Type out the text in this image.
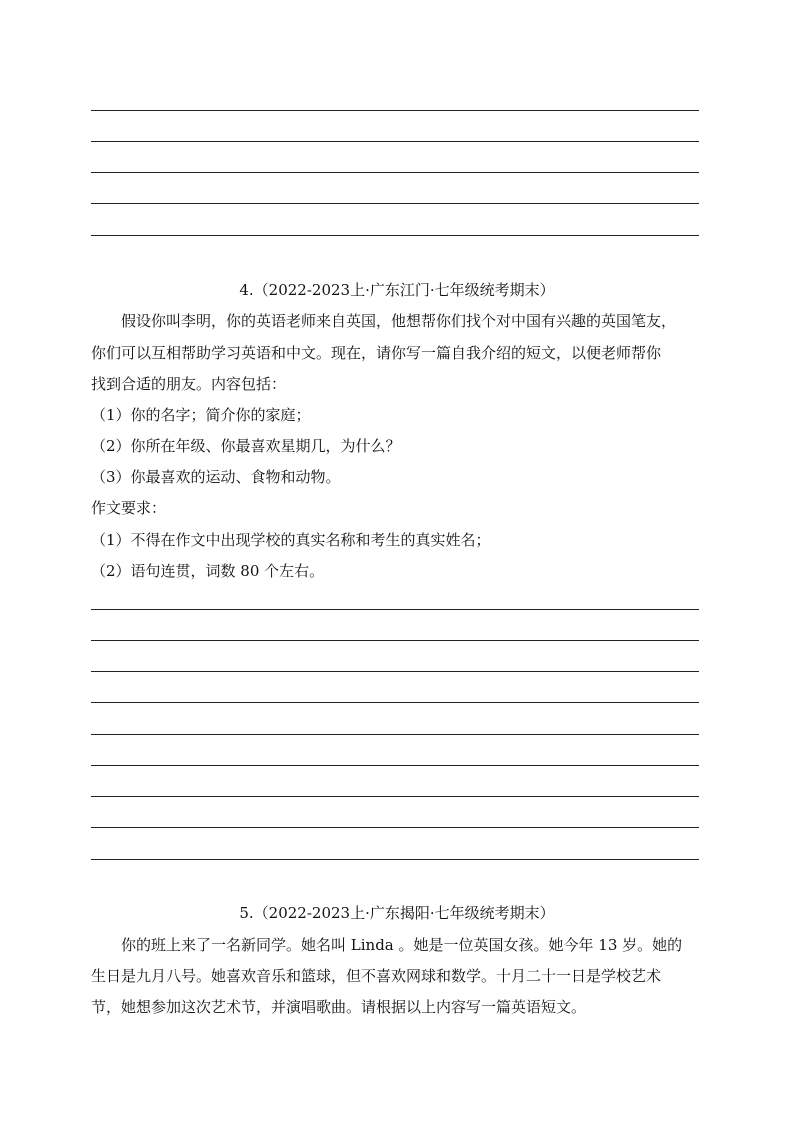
4.（2022-2023上·广东江门·七年级统考期末）
假设你叫李明，你的英语老师来自英国，他想帮你们找个对中国有兴趣的英国笔友，
你们可以互相帮助学习英语和中文。现在，请你写一篇自我介绍的短文，以便老师帮你
找到合适的朋友。内容包括：
（1）你的名字；简介你的家庭；
（2）你所在年级、你最喜欢星期几，为什么？
（3）你最喜欢的运动、食物和动物。
作文要求：
（1）不得在作文中出现学校的真实名称和考生的真实姓名；
（2）语句连贯，词数 80 个左右。
5.（2022-2023上·广东揭阳·七年级统考期末）
你的班上来了一名新同学。她名叫 Linda 。她是一位英国女孩。她今年 13 岁。她的
生日是九月八号。她喜欢音乐和篮球，但不喜欢网球和数学。十月二十一日是学校艺术
节，她想参加这次艺术节，并演唱歌曲。请根据以上内容写一篇英语短文。
